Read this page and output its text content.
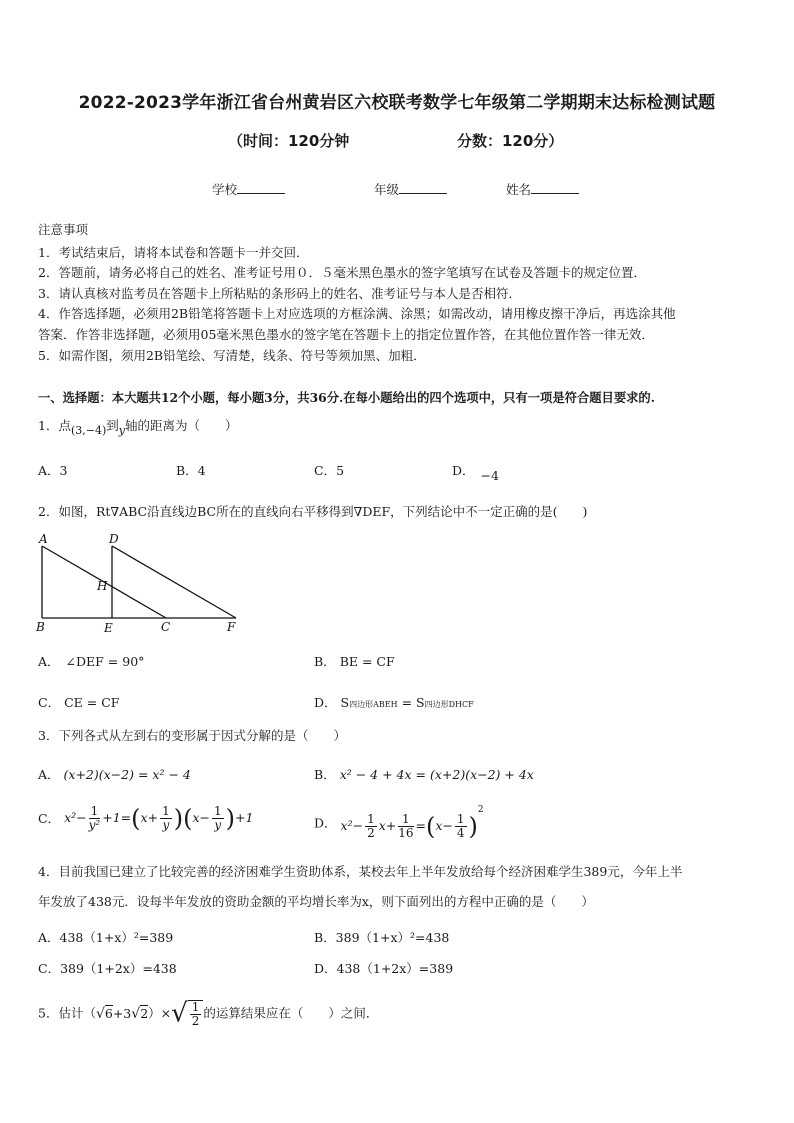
2022-2023学年浙江省台州黄岩区六校联考数学七年级第二学期期末达标检测试题
（时间：120分钟	分数：120分）
学校	年级	姓名
注意事项
1．考试结束后，请将本试卷和答题卡一并交回．
2．答题前，请务必将自己的姓名、准考证号用０．５毫米黑色墨水的签字笔填写在试卷及答题卡的规定位置．
3．请认真核对监考员在答题卡上所粘贴的条形码上的姓名、准考证号与本人是否相符．
4．作答选择题，必须用2B铅笔将答题卡上对应选项的方框涂满、涂黑；如需改动，请用橡皮擦干净后，再选涂其他
答案．作答非选择题，必须用05毫米黑色墨水的签字笔在答题卡上的指定位置作答，在其他位置作答一律无效．
5．如需作图，须用2B铅笔绘、写清楚，线条、符号等须加黑、加粗．
一、选择题：本大题共12个小题，每小题3分，共36分.在每小题给出的四个选项中，只有一项是符合题目要求的.
1．点(3,−4)到y轴的距离为（　　）
A．3	B．4	C．5	D． −4
2．如图，Rt∇ABC沿直线边BC所在的直线向右平移得到∇DEF，下列结论中不一定正确的是(　　)
A	D
H
B	E	C	F
A． ∠DEF = 90°	B． BE = CF
C． CE = CF	D． S四边形ABEH = S四边形DHCF
3．下列各式从左到右的变形属于因式分解的是（　　）
A． (x+2)(x−2) = x² − 4	B． x² − 4 + 4x = (x+2)(x−2) + 4x
C． $x^2- \frac{1}{\text{y²}} +1=(x+ \frac{1}{y} )(x- \frac{1}{y} )+1$	D． $x^2- \frac{1}{2} x+ \frac{1}{16} =(x- \frac{1}{4} )^2$
4．目前我国已建立了比较完善的经济困难学生资助体系，某校去年上半年发放给每个经济困难学生389元，今年上半
年发放了438元．设每半年发放的资助金额的平均增长率为x，则下面列出的方程中正确的是（　　）
A．438（1+x）²=389	B．389（1+x）²=438
C．389（1+2x）=438	D．438（1+2x）=389
5．估计$(√6+3√2)\times√ \frac{1}{2}$ 的运算结果应在（　　）之间．
